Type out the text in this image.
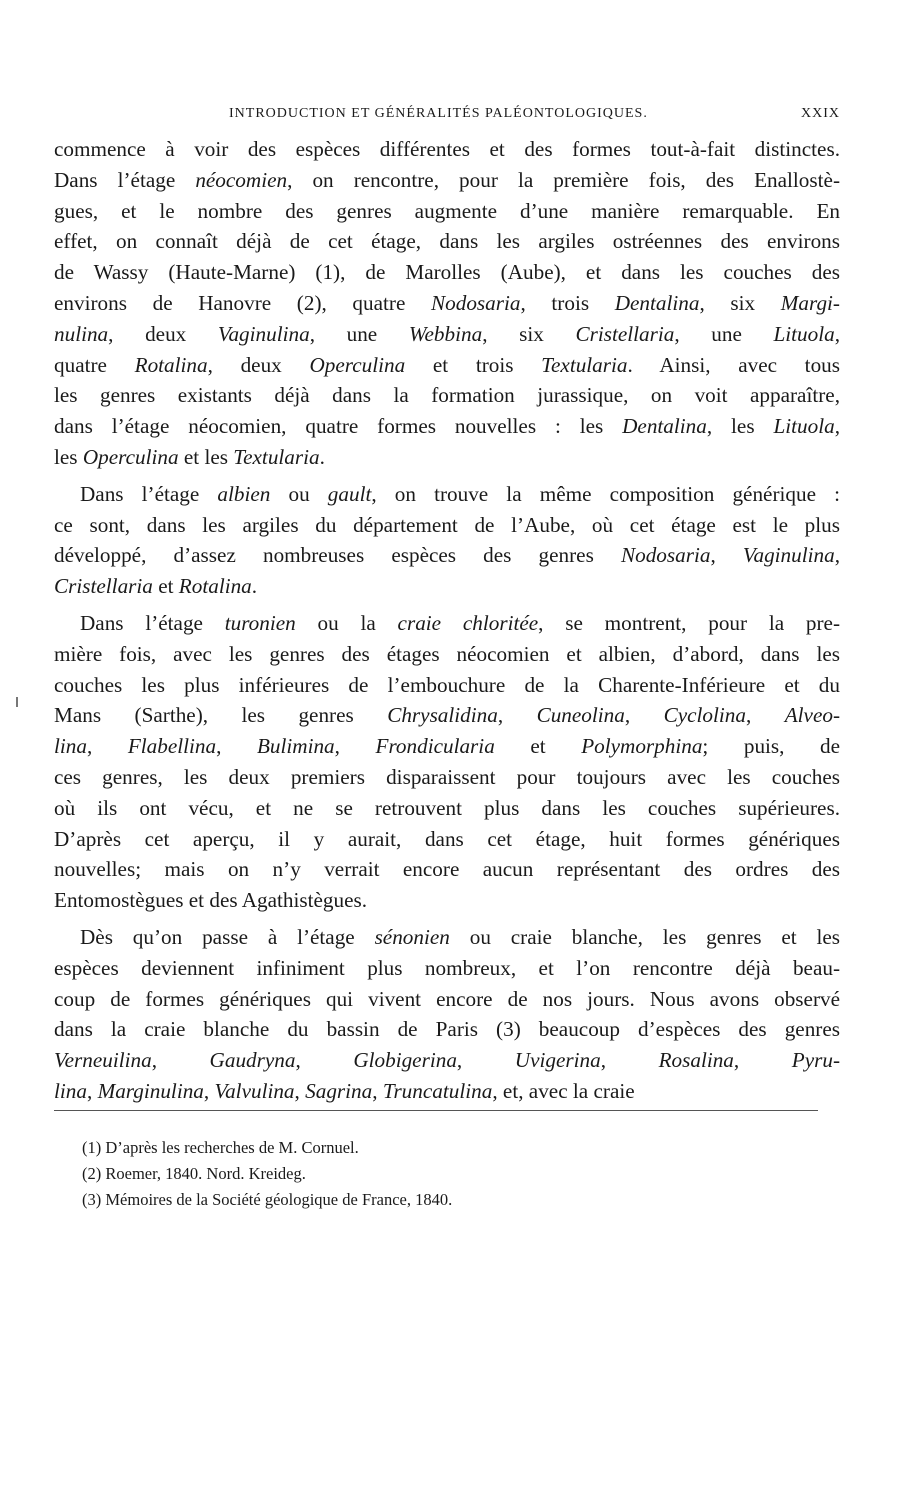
INTRODUCTION ET GÉNÉRALITÉS PALÉONTOLOGIQUES.	XXIX
commence à voir des espèces différentes et des formes tout-à-fait distinctes.
Dans l’étage néocomien, on rencontre, pour la première fois, des Enallostè-
gues, et le nombre des genres augmente d’une manière remarquable. En
effet, on connaît déjà de cet étage, dans les argiles ostréennes des environs
de Wassy (Haute-Marne) (1), de Marolles (Aube), et dans les couches des
environs de Hanovre (2), quatre Nodosaria, trois Dentalina, six Margi-
nulina, deux Vaginulina, une Webbina, six Cristellaria, une Lituola,
quatre Rotalina, deux Operculina et trois Textularia. Ainsi, avec tous
les genres existants déjà dans la formation jurassique, on voit apparaître,
dans l’étage néocomien, quatre formes nouvelles : les Dentalina, les Lituola,
les Operculina et les Textularia.
Dans l’étage albien ou gault, on trouve la même composition générique :
ce sont, dans les argiles du département de l’Aube, où cet étage est le plus
développé, d’assez nombreuses espèces des genres Nodosaria, Vaginulina,
Cristellaria et Rotalina.
Dans l’étage turonien ou la craie chloritée, se montrent, pour la pre-
mière fois, avec les genres des étages néocomien et albien, d’abord, dans les
couches les plus inférieures de l’embouchure de la Charente-Inférieure et du
Mans (Sarthe), les genres Chrysalidina, Cuneolina, Cyclolina, Alveo-
lina, Flabellina, Bulimina, Frondicularia et Polymorphina; puis, de
ces genres, les deux premiers disparaissent pour toujours avec les couches
où ils ont vécu, et ne se retrouvent plus dans les couches supérieures.
D’après cet aperçu, il y aurait, dans cet étage, huit formes génériques
nouvelles; mais on n’y verrait encore aucun représentant des ordres des
Entomostègues et des Agathistègues.
Dès qu’on passe à l’étage sénonien ou craie blanche, les genres et les
espèces deviennent infiniment plus nombreux, et l’on rencontre déjà beau-
coup de formes génériques qui vivent encore de nos jours. Nous avons observé
dans la craie blanche du bassin de Paris (3) beaucoup d’espèces des genres
Verneuilina, Gaudryna, Globigerina, Uvigerina, Rosalina, Pyru-
lina, Marginulina, Valvulina, Sagrina, Truncatulina, et, avec la craie
(1) D’après les recherches de M. Cornuel.
(2) Roemer, 1840. Nord. Kreideg.
(3) Mémoires de la Société géologique de France, 1840.
